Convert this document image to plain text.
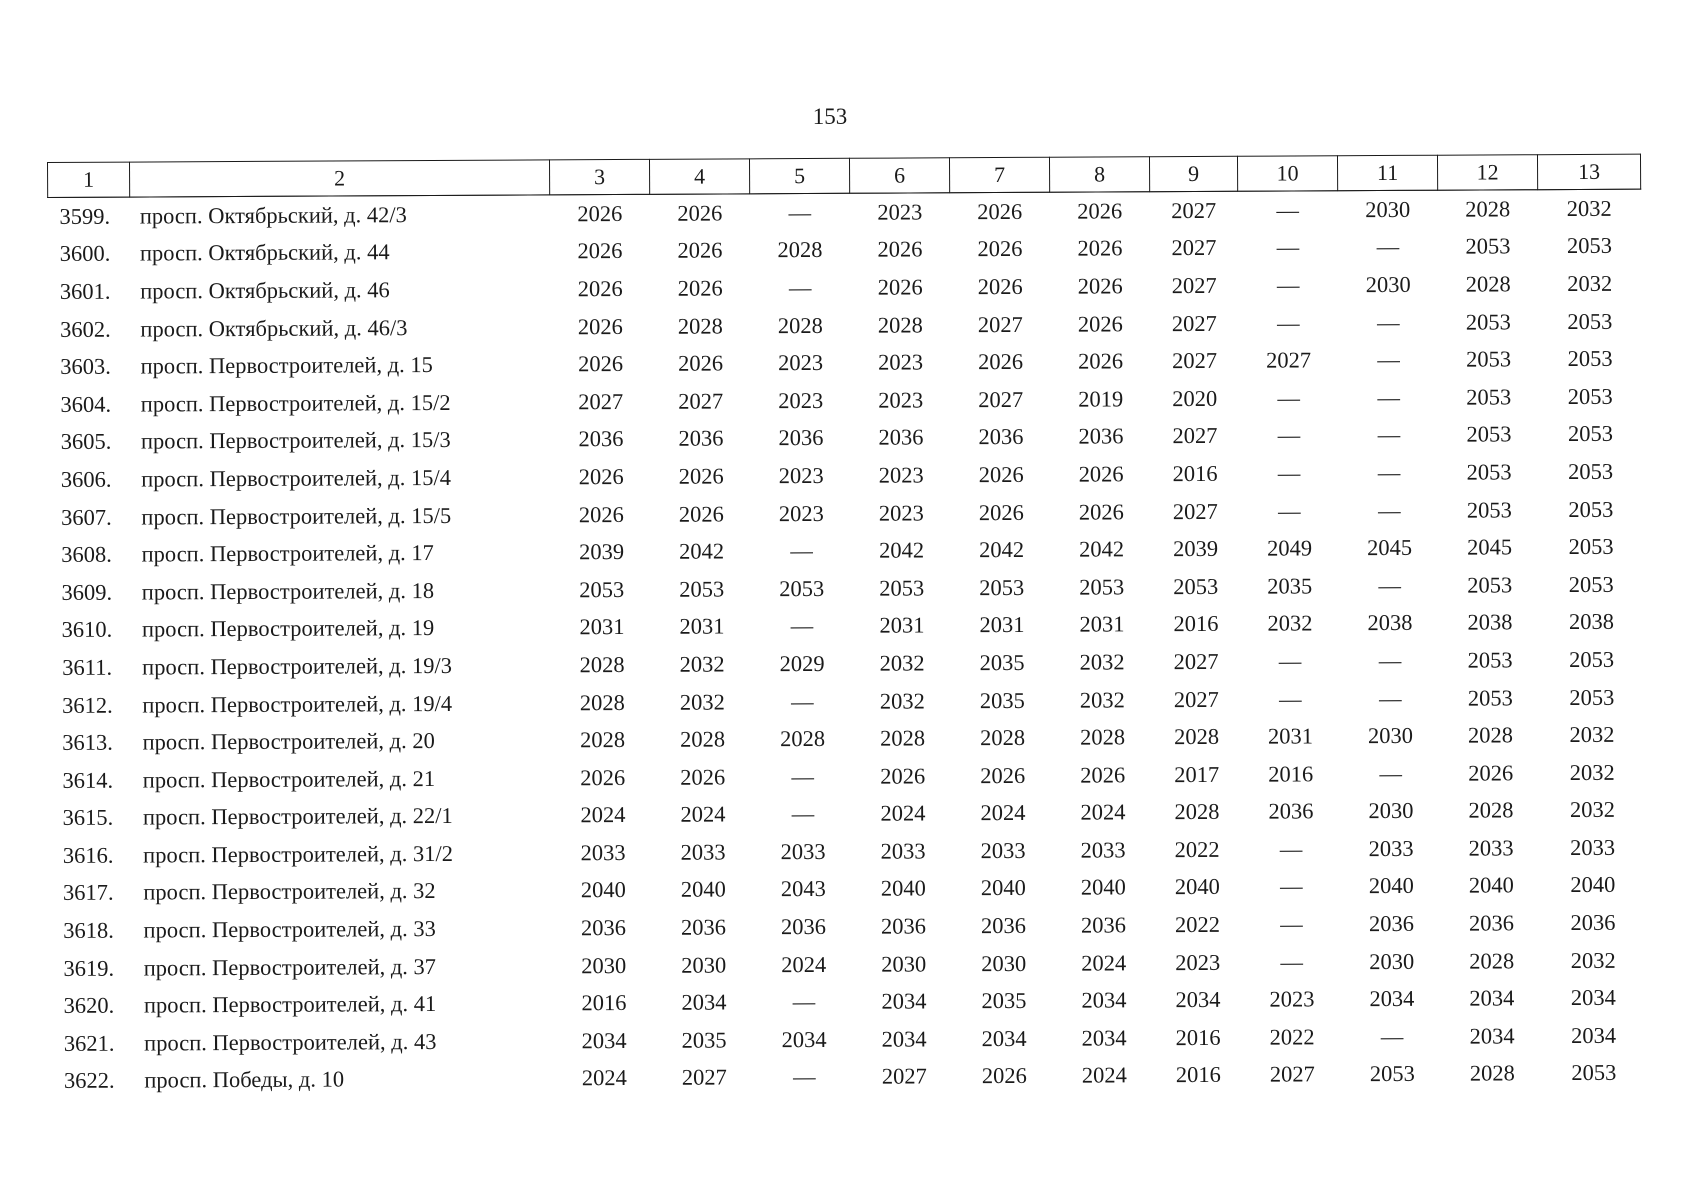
153
1	2	3	4	5	6	7	8	9	10	11	12	13
3599.	просп. Октябрьский, д. 42/3	2026	2026	—	2023	2026	2026	2027	—	2030	2028	2032
3600.	просп. Октябрьский, д. 44	2026	2026	2028	2026	2026	2026	2027	—	—	2053	2053
3601.	просп. Октябрьский, д. 46	2026	2026	—	2026	2026	2026	2027	—	2030	2028	2032
3602.	просп. Октябрьский, д. 46/3	2026	2028	2028	2028	2027	2026	2027	—	—	2053	2053
3603.	просп. Первостроителей, д. 15	2026	2026	2023	2023	2026	2026	2027	2027	—	2053	2053
3604.	просп. Первостроителей, д. 15/2	2027	2027	2023	2023	2027	2019	2020	—	—	2053	2053
3605.	просп. Первостроителей, д. 15/3	2036	2036	2036	2036	2036	2036	2027	—	—	2053	2053
3606.	просп. Первостроителей, д. 15/4	2026	2026	2023	2023	2026	2026	2016	—	—	2053	2053
3607.	просп. Первостроителей, д. 15/5	2026	2026	2023	2023	2026	2026	2027	—	—	2053	2053
3608.	просп. Первостроителей, д. 17	2039	2042	—	2042	2042	2042	2039	2049	2045	2045	2053
3609.	просп. Первостроителей, д. 18	2053	2053	2053	2053	2053	2053	2053	2035	—	2053	2053
3610.	просп. Первостроителей, д. 19	2031	2031	—	2031	2031	2031	2016	2032	2038	2038	2038
3611.	просп. Первостроителей, д. 19/3	2028	2032	2029	2032	2035	2032	2027	—	—	2053	2053
3612.	просп. Первостроителей, д. 19/4	2028	2032	—	2032	2035	2032	2027	—	—	2053	2053
3613.	просп. Первостроителей, д. 20	2028	2028	2028	2028	2028	2028	2028	2031	2030	2028	2032
3614.	просп. Первостроителей, д. 21	2026	2026	—	2026	2026	2026	2017	2016	—	2026	2032
3615.	просп. Первостроителей, д. 22/1	2024	2024	—	2024	2024	2024	2028	2036	2030	2028	2032
3616.	просп. Первостроителей, д. 31/2	2033	2033	2033	2033	2033	2033	2022	—	2033	2033	2033
3617.	просп. Первостроителей, д. 32	2040	2040	2043	2040	2040	2040	2040	—	2040	2040	2040
3618.	просп. Первостроителей, д. 33	2036	2036	2036	2036	2036	2036	2022	—	2036	2036	2036
3619.	просп. Первостроителей, д. 37	2030	2030	2024	2030	2030	2024	2023	—	2030	2028	2032
3620.	просп. Первостроителей, д. 41	2016	2034	—	2034	2035	2034	2034	2023	2034	2034	2034
3621.	просп. Первостроителей, д. 43	2034	2035	2034	2034	2034	2034	2016	2022	—	2034	2034
3622.	просп. Победы, д. 10	2024	2027	—	2027	2026	2024	2016	2027	2053	2028	2053
